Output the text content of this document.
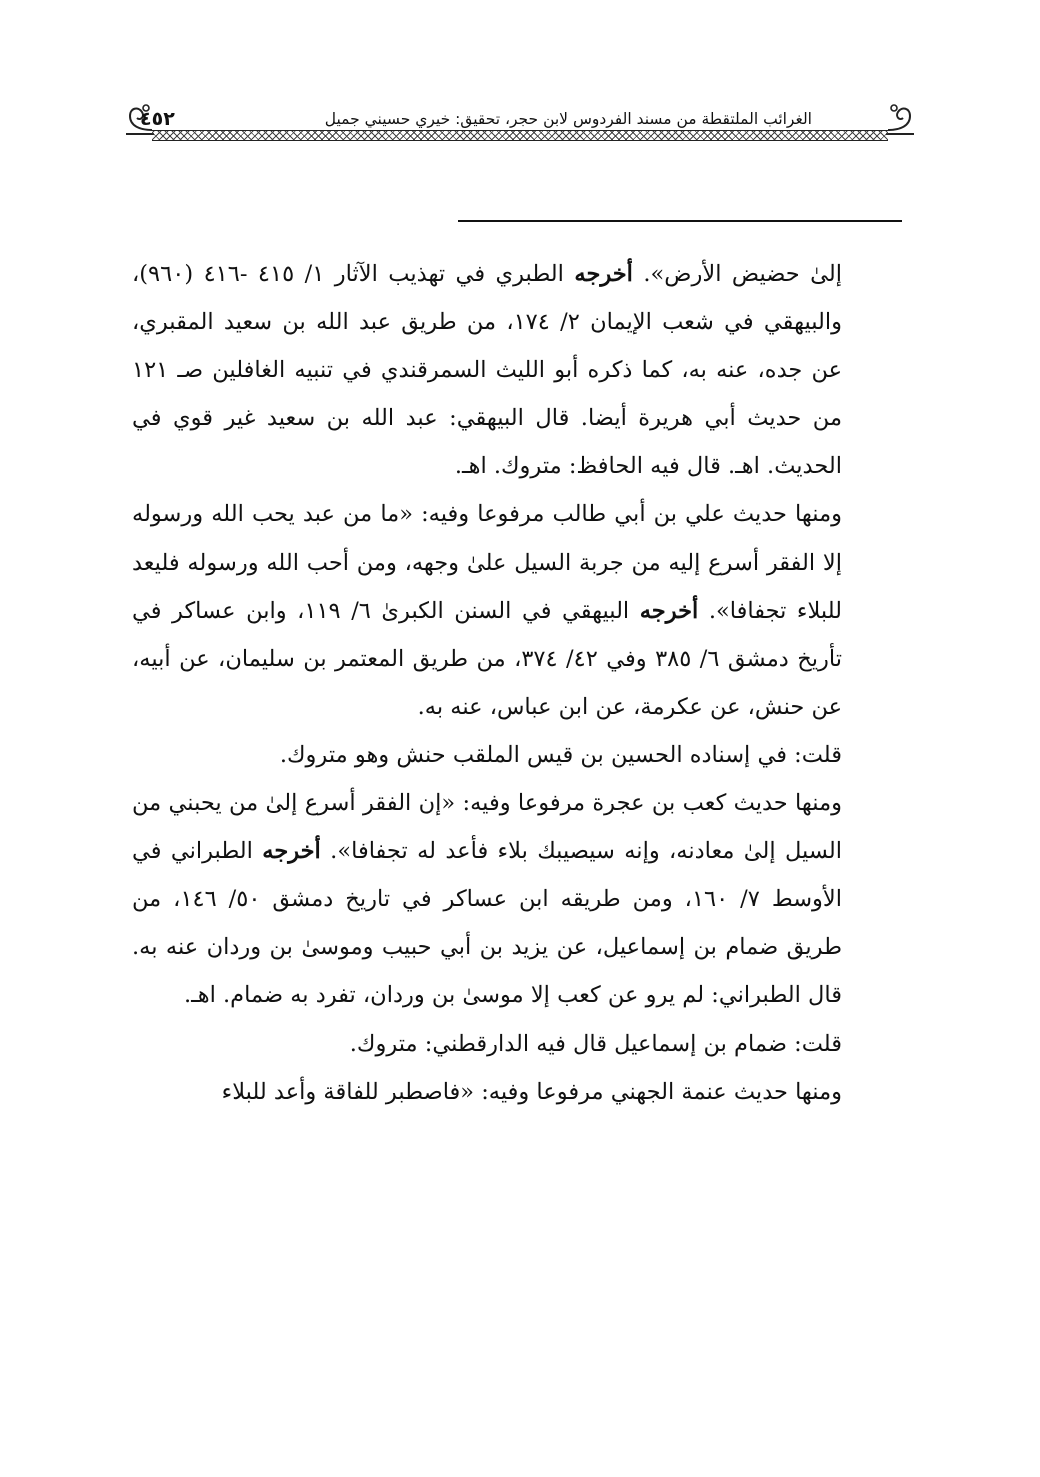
٤٥٢	الغرائب الملتقطة من مسند الفردوس لابن حجر، تحقيق: خيري حسيني جميل

إلىٰ حضيض الأرض». أخرجه الطبري في تهذيب الآثار ١/ ٤١٥ -٤١٦ (٩٦٠)، والبيهقي في شعب الإيمان ٢/ ١٧٤، من طريق عبد الله بن سعيد المقبري، عن جده، عنه به، كما ذكره أبو الليث السمرقندي في تنبيه الغافلين صـ ١٢١ من حديث أبي هريرة أيضا. قال البيهقي: عبد الله بن سعيد غير قوي في الحديث. اهـ. قال فيه الحافظ: متروك. اهـ.

ومنها حديث علي بن أبي طالب مرفوعا وفيه: «ما من عبد يحب الله ورسوله إلا الفقر أسرع إليه من جربة السيل علىٰ وجهه، ومن أحب الله ورسوله فليعد للبلاء تجفافا». أخرجه البيهقي في السنن الكبرىٰ ٦/ ١١٩، وابن عساكر في تأريخ دمشق ٦/ ٣٨٥ وفي ٤٢/ ٣٧٤، من طريق المعتمر بن سليمان، عن أبيه، عن حنش، عن عكرمة، عن ابن عباس، عنه به.

قلت: في إسناده الحسين بن قيس الملقب حنش وهو متروك.

ومنها حديث كعب بن عجرة مرفوعا وفيه: «إن الفقر أسرع إلىٰ من يحبني من السيل إلىٰ معادنه، وإنه سيصيبك بلاء فأعد له تجفافا». أخرجه الطبراني في الأوسط ٧/ ١٦٠، ومن طريقه ابن عساكر في تاريخ دمشق ٥٠/ ١٤٦، من طريق ضمام بن إسماعيل، عن يزيد بن أبي حبيب وموسىٰ بن وردان عنه به. قال الطبراني: لم يرو عن كعب إلا موسىٰ بن وردان، تفرد به ضمام. اهـ.

قلت: ضمام بن إسماعيل قال فيه الدارقطني: متروك.

ومنها حديث عنمة الجهني مرفوعا وفيه: «فاصطبر للفاقة وأعد للبلاء
